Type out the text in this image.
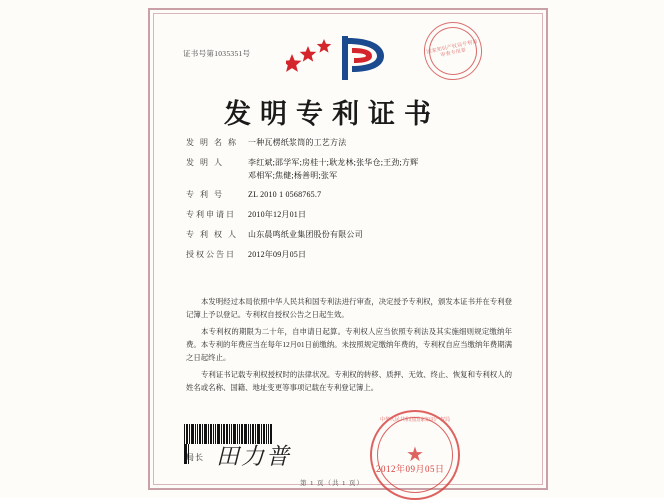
证书号第1035351号	国家知识产权局专利局 审查专用章
发明专利证书
发 明 名 称	一种瓦楞纸浆筒的工艺方法
发 明 人	李红斌;邵学军;房桂十;耿龙林;张华仓;王劲;方辉
邓相军;焦健;杨善明;张军
专 利 号	ZL 2010 1 0568765.7
专利申请日	2010年12月01日
专 利 权 人	山东晨鸣纸业集团股份有限公司
授权公告日	2012年09月05日

本发明经过本局依照中华人民共和国专利法进行审查，决定授予专利权，颁发本证书并在专利登记簿上予以登记。专利权自授权公告之日起生效。

本专利权的期限为二十年，自申请日起算。专利权人应当依照专利法及其实施细则规定缴纳年费。本专利的年费应当在每年12月01日前缴纳。未按照规定缴纳年费的，专利权自应当缴纳年费期满之日起终止。

专利证书记载专利权授权时的法律状况。专利权的转移、质押、无效、终止、恢复和专利权人的姓名或名称、国籍、地址变更等事项记载在专利登记簿上。

局长 田力普	★
中华人民共和国国家知识产权局
2012年09月05日
第 1 页（共 1 页）
